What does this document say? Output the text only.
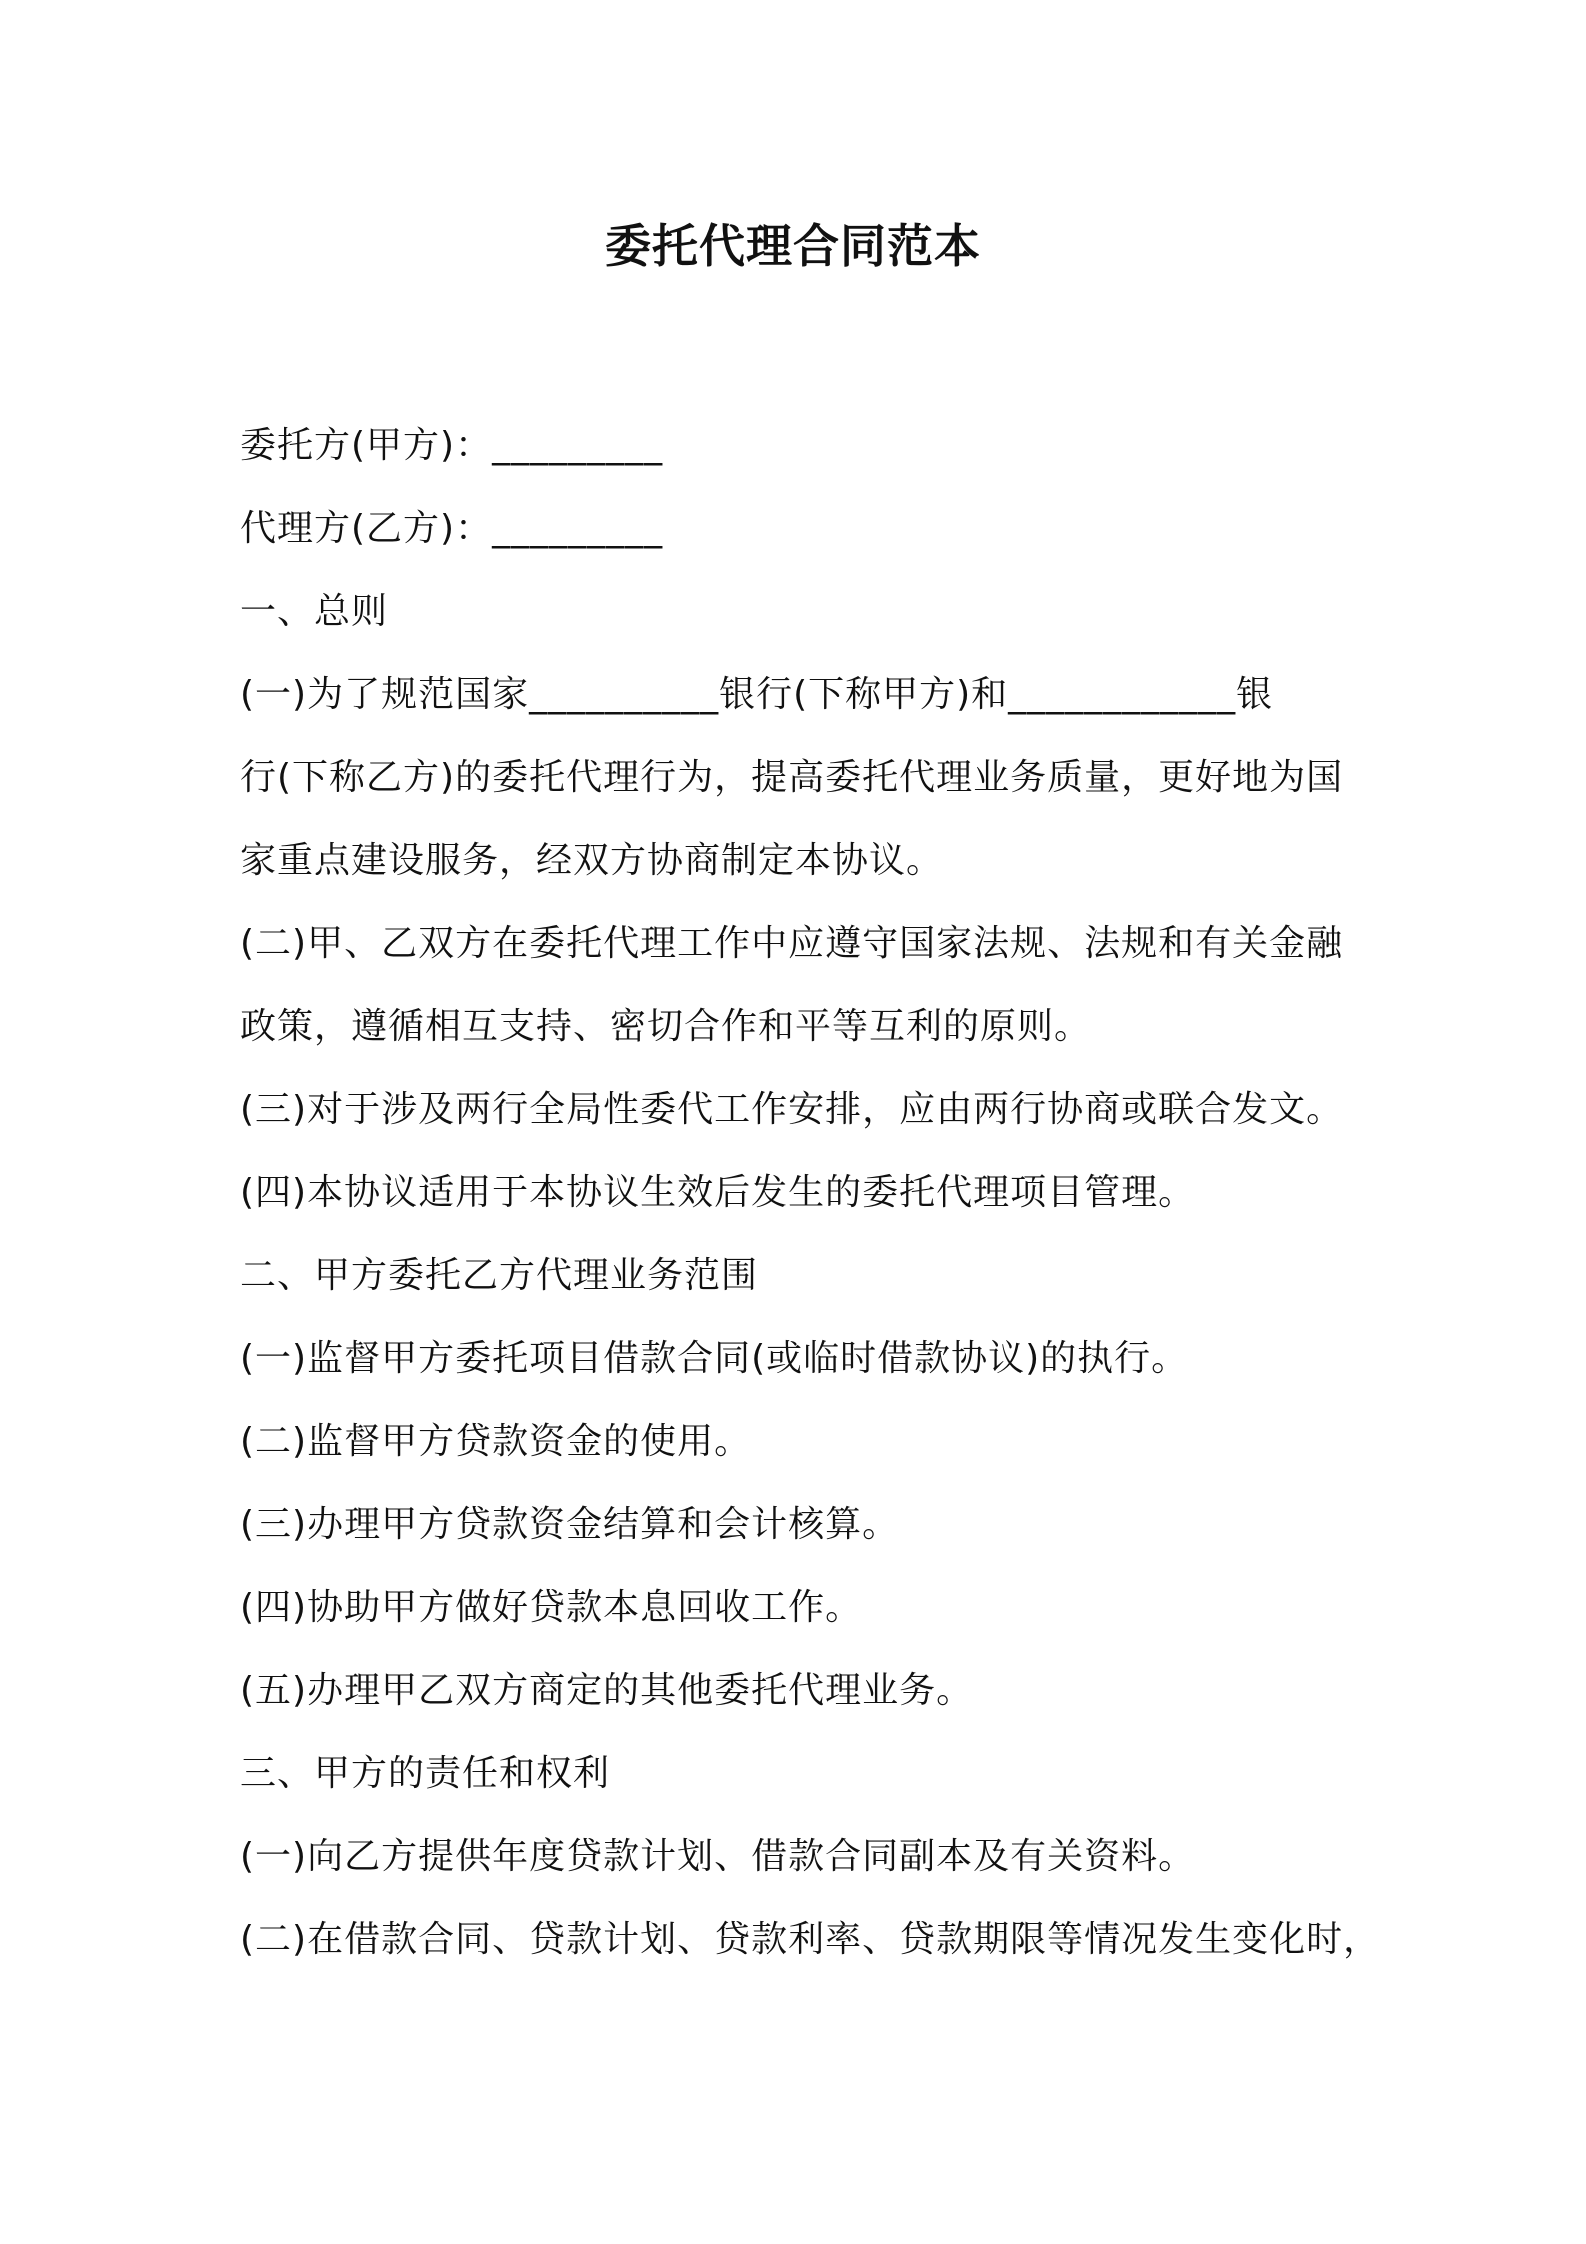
委托代理合同范本
委托方(甲方)：_________
代理方(乙方)：_________
一、总则
(一)为了规范国家__________银行(下称甲方)和____________银
行(下称乙方)的委托代理行为，提高委托代理业务质量，更好地为国
家重点建设服务，经双方协商制定本协议。
(二)甲、乙双方在委托代理工作中应遵守国家法规、法规和有关金融
政策，遵循相互支持、密切合作和平等互利的原则。
(三)对于涉及两行全局性委代工作安排，应由两行协商或联合发文。
(四)本协议适用于本协议生效后发生的委托代理项目管理。
二、甲方委托乙方代理业务范围
(一)监督甲方委托项目借款合同(或临时借款协议)的执行。
(二)监督甲方贷款资金的使用。
(三)办理甲方贷款资金结算和会计核算。
(四)协助甲方做好贷款本息回收工作。
(五)办理甲乙双方商定的其他委托代理业务。
三、甲方的责任和权利
(一)向乙方提供年度贷款计划、借款合同副本及有关资料。
(二)在借款合同、贷款计划、贷款利率、贷款期限等情况发生变化时，
